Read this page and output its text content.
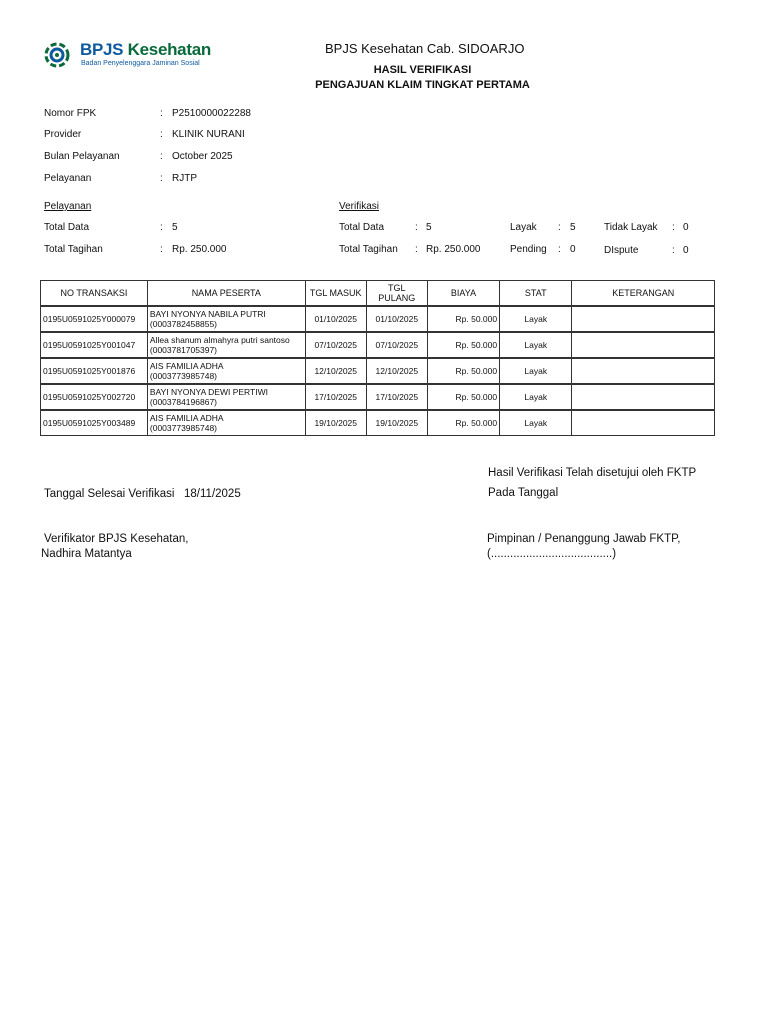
BPJS Kesehatan
Badan Penyelenggara Jaminan Sosial
BPJS Kesehatan Cab. SIDOARJO
HASIL VERIFIKASI
PENGAJUAN KLAIM TINGKAT PERTAMA
Nomor FPK	: P2510000022288
Provider	: KLINIK NURANI
Bulan Pelayanan	: October 2025
Pelayanan	: RJTP
Pelayanan
Total Data	: 5
Total Tagihan	: Rp. 250.000
Verifikasi
Total Data	: 5
Total Tagihan : Rp. 250.000
Layak : 5
Pending : 0
Tidak Layak : 0
DIspute	: 0
NO TRANSAKSI	NAMA PESERTA	TGL MASUK	TGL PULANG	BIAYA	STAT	KETERANGAN
0195U0591025Y000079	BAYI NYONYA NABILA PUTRI
(0003782458855)	01/10/2025	01/10/2025	Rp. 50.000	Layak	
0195U0591025Y001047	Allea shanum almahyra putri santoso
(0003781705397)	07/10/2025	07/10/2025	Rp. 50.000	Layak	
0195U0591025Y001876	AIS FAMILIA ADHA
(0003773985748)	12/10/2025	12/10/2025	Rp. 50.000	Layak	
0195U0591025Y002720	BAYI NYONYA DEWI PERTIWI
(0003784196867)	17/10/2025	17/10/2025	Rp. 50.000	Layak	
0195U0591025Y003489	AIS FAMILIA ADHA
(0003773985748)	19/10/2025	19/10/2025	Rp. 50.000	Layak	
Hasil Verifikasi Telah disetujui oleh FKTP
Pada Tanggal
Tanggal Selesai Verifikasi 18/11/2025
Verifikator BPJS Kesehatan,
Nadhira Matantya
Pimpinan / Penanggung Jawab FKTP,
(......................................)
